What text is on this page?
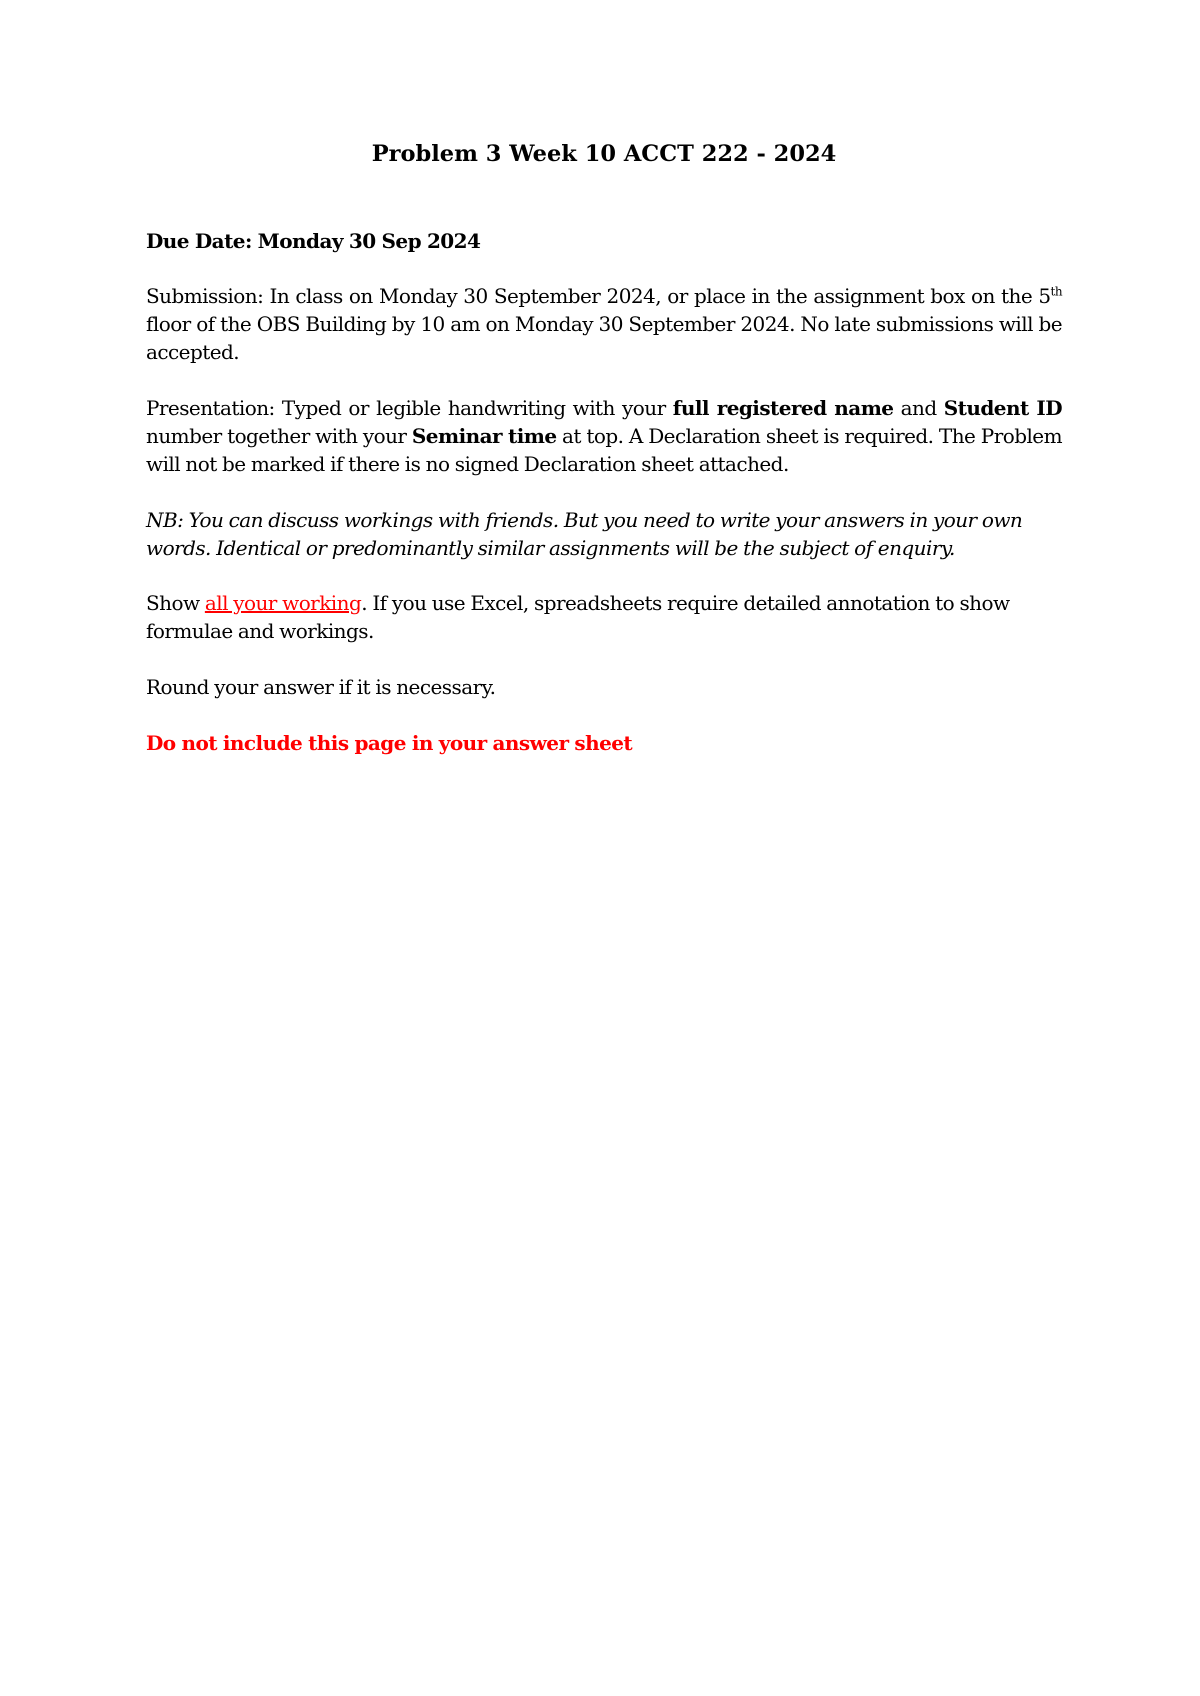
Problem 3 Week 10 ACCT 222 - 2024

Due Date: Monday 30 Sep 2024

Submission: In class on Monday 30 September 2024, or place in the assignment box on the 5th floor of the OBS Building by 10 am on Monday 30 September 2024. No late submissions will be accepted.

Presentation: Typed or legible handwriting with your full registered name and Student ID number together with your Seminar time at top. A Declaration sheet is required. The Problem will not be marked if there is no signed Declaration sheet attached.

NB: You can discuss workings with friends. But you need to write your answers in your own words. Identical or predominantly similar assignments will be the subject of enquiry.

Show all your working. If you use Excel, spreadsheets require detailed annotation to show formulae and workings.

Round your answer if it is necessary.

Do not include this page in your answer sheet
